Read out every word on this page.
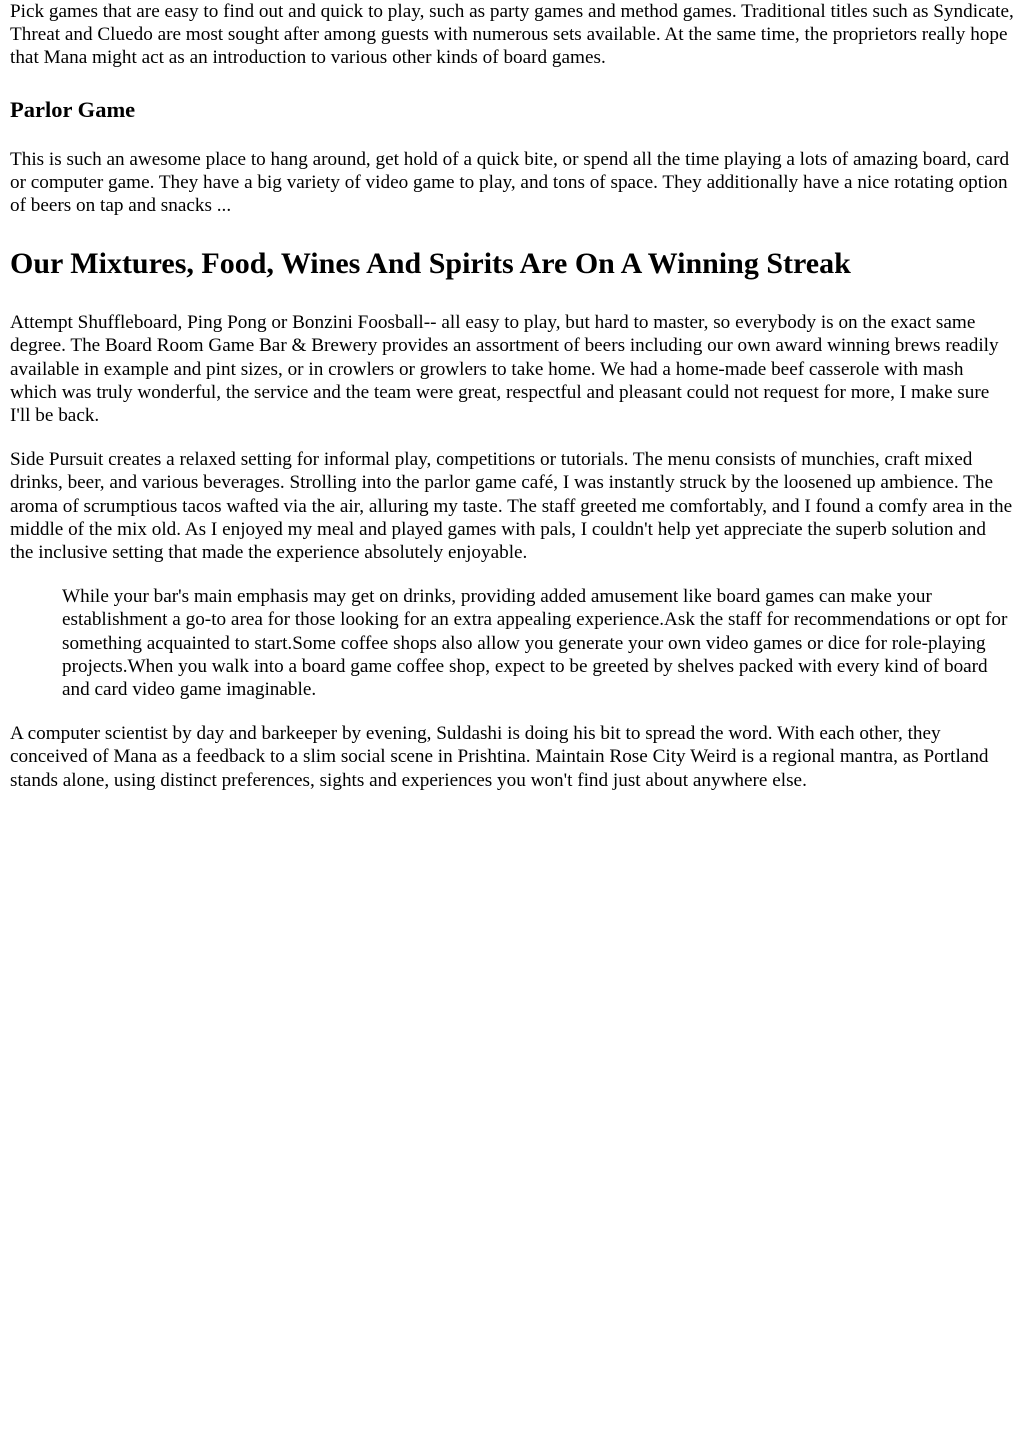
Pick games that are easy to find out and quick to play, such as party games and method games. Traditional titles such as Syndicate, Threat and Cluedo are most sought after among guests with numerous sets available. At the same time, the proprietors really hope that Mana might act as an introduction to various other kinds of board games.

Parlor Game

This is such an awesome place to hang around, get hold of a quick bite, or spend all the time playing a lots of amazing board, card or computer game. They have a big variety of video game to play, and tons of space. They additionally have a nice rotating option of beers on tap and snacks ...

Our Mixtures, Food, Wines And Spirits Are On A Winning Streak

Attempt Shuffleboard, Ping Pong or Bonzini Foosball-- all easy to play, but hard to master, so everybody is on the exact same degree. The Board Room Game Bar & Brewery provides an assortment of beers including our own award winning brews readily available in example and pint sizes, or in crowlers or growlers to take home. We had a home-made beef casserole with mash which was truly wonderful, the service and the team were great, respectful and pleasant could not request for more, I make sure I'll be back.

Side Pursuit creates a relaxed setting for informal play, competitions or tutorials. The menu consists of munchies, craft mixed drinks, beer, and various beverages. Strolling into the parlor game café, I was instantly struck by the loosened up ambience. The aroma of scrumptious tacos wafted via the air, alluring my taste. The staff greeted me comfortably, and I found a comfy area in the middle of the mix old. As I enjoyed my meal and played games with pals, I couldn't help yet appreciate the superb solution and the inclusive setting that made the experience absolutely enjoyable.

While your bar's main emphasis may get on drinks, providing added amusement like board games can make your establishment a go-to area for those looking for an extra appealing experience.Ask the staff for recommendations or opt for something acquainted to start.Some coffee shops also allow you generate your own video games or dice for role-playing projects.When you walk into a board game coffee shop, expect to be greeted by shelves packed with every kind of board and card video game imaginable.

A computer scientist by day and barkeeper by evening, Suldashi is doing his bit to spread the word. With each other, they conceived of Mana as a feedback to a slim social scene in Prishtina. Maintain Rose City Weird is a regional mantra, as Portland stands alone, using distinct preferences, sights and experiences you won't find just about anywhere else.
